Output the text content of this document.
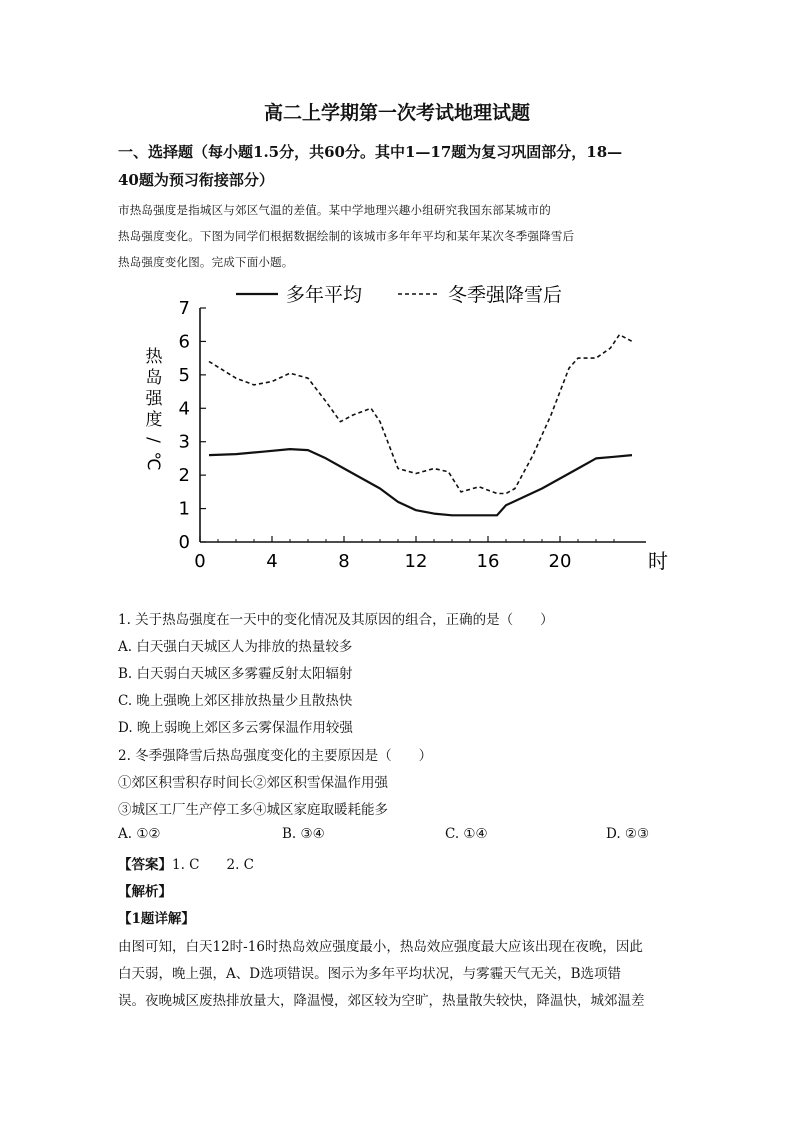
高二上学期第一次考试地理试题
一、选择题（每小题1.5分，共60分。其中1—17题为复习巩固部分，18—
40题为预习衔接部分）
市热岛强度是指城区与郊区气温的差值。某中学地理兴趣小组研究我国东部某城市的
热岛强度变化。下图为同学们根据数据绘制的该城市多年年平均和某年某次冬季强降雪后
热岛强度变化图。完成下面小题。
0
1
2
3
4
5
6
7
0	4	8	12	16	20	时
热
岛
强
度
/
℃
多年平均	冬季强降雪后
1. 关于热岛强度在一天中的变化情况及其原因的组合，正确的是（　　）
A. 白天强白天城区人为排放的热量较多
B. 白天弱白天城区多雾霾反射太阳辐射
C. 晚上强晚上郊区排放热量少且散热快
D. 晚上弱晚上郊区多云雾保温作用较强
2. 冬季强降雪后热岛强度变化的主要原因是（　　）
①郊区积雪积存时间长②郊区积雪保温作用强
③城区工厂生产停工多④城区家庭取暖耗能多
A. ①②	B. ③④	C. ①④	D. ②③
【答案】1. C　　2. C
【解析】
【1题详解】
由图可知，白天12时-16时热岛效应强度最小，热岛效应强度最大应该出现在夜晚，因此
白天弱，晚上强，A、D选项错误。图示为多年平均状况，与雾霾天气无关，B选项错
误。夜晚城区废热排放量大，降温慢，郊区较为空旷，热量散失较快，降温快，城郊温差
